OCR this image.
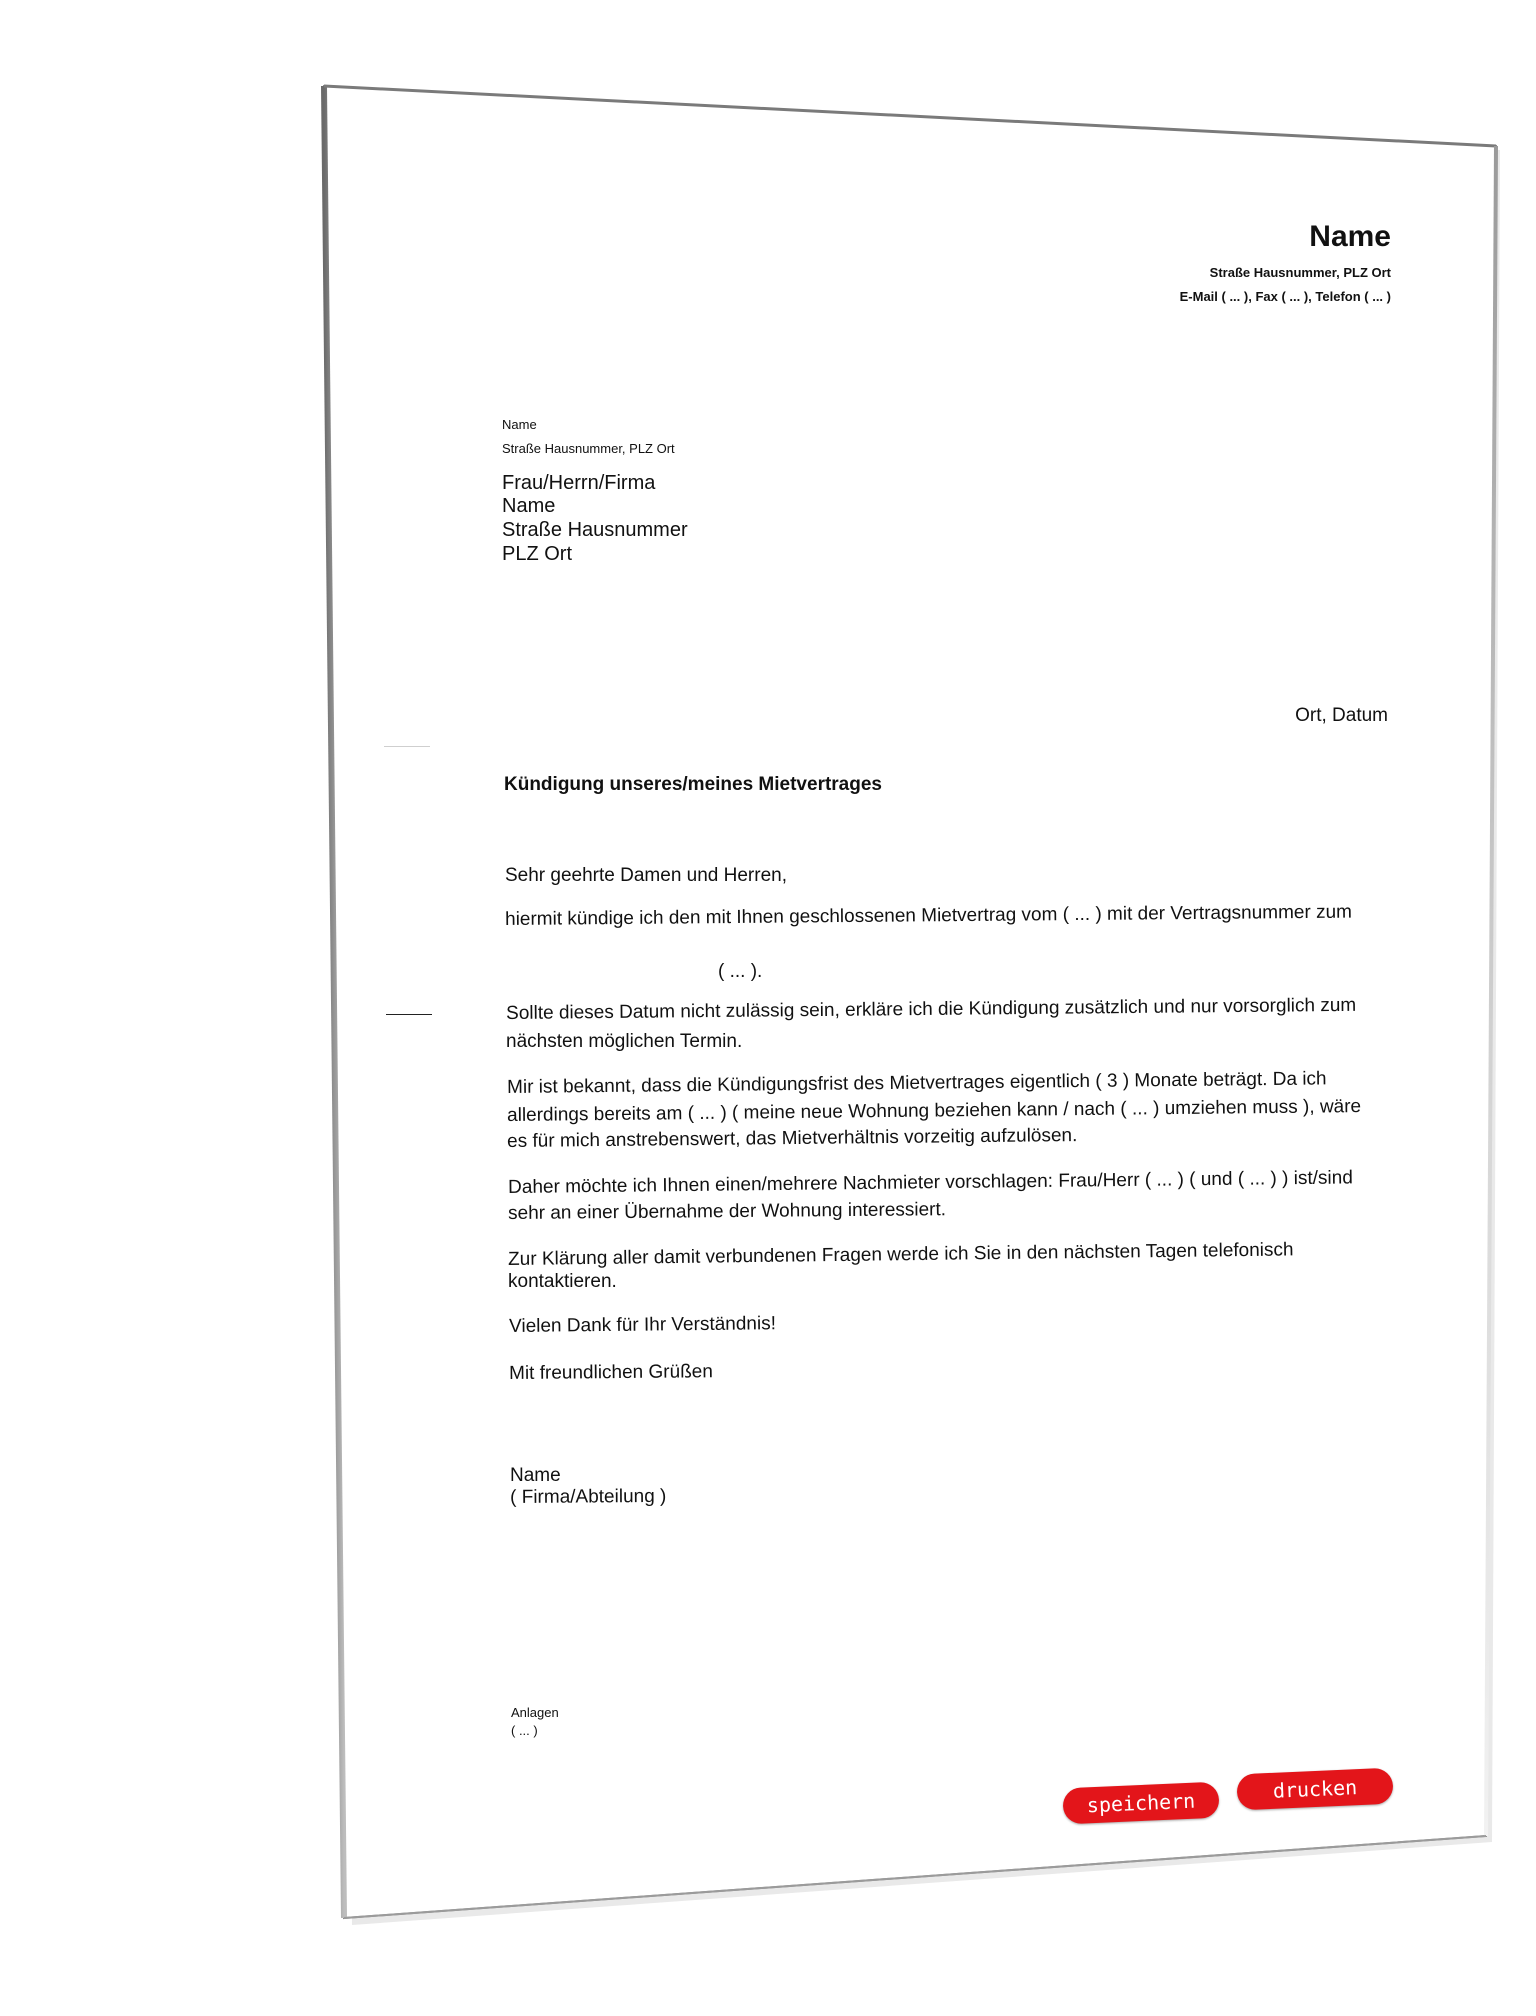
Name
Straße Hausnummer, PLZ Ort
E-Mail ( ... ), Fax ( ... ), Telefon ( ... )
Name
Straße Hausnummer, PLZ Ort
Frau/Herrn/Firma
Name
Straße Hausnummer
PLZ Ort
Ort, Datum
Kündigung unseres/meines Mietvertrages
Sehr geehrte Damen und Herren,
hiermit kündige ich den mit Ihnen geschlossenen Mietvertrag vom ( ... ) mit der Vertragsnummer zum
( ... ).
Sollte dieses Datum nicht zulässig sein, erkläre ich die Kündigung zusätzlich und nur vorsorglich zum
nächsten möglichen Termin.
Mir ist bekannt, dass die Kündigungsfrist des Mietvertrages eigentlich ( 3 ) Monate beträgt. Da ich
allerdings bereits am ( ... ) ( meine neue Wohnung beziehen kann / nach ( ... ) umziehen muss ), wäre
es für mich anstrebenswert, das Mietverhältnis vorzeitig aufzulösen.
Daher möchte ich Ihnen einen/mehrere Nachmieter vorschlagen: Frau/Herr ( ... ) ( und ( ... ) ) ist/sind
sehr an einer Übernahme der Wohnung interessiert.
Zur Klärung aller damit verbundenen Fragen werde ich Sie in den nächsten Tagen telefonisch
kontaktieren.
Vielen Dank für Ihr Verständnis!
Mit freundlichen Grüßen
Name
( Firma/Abteilung )
Anlagen
( ... )
speichern	drucken
